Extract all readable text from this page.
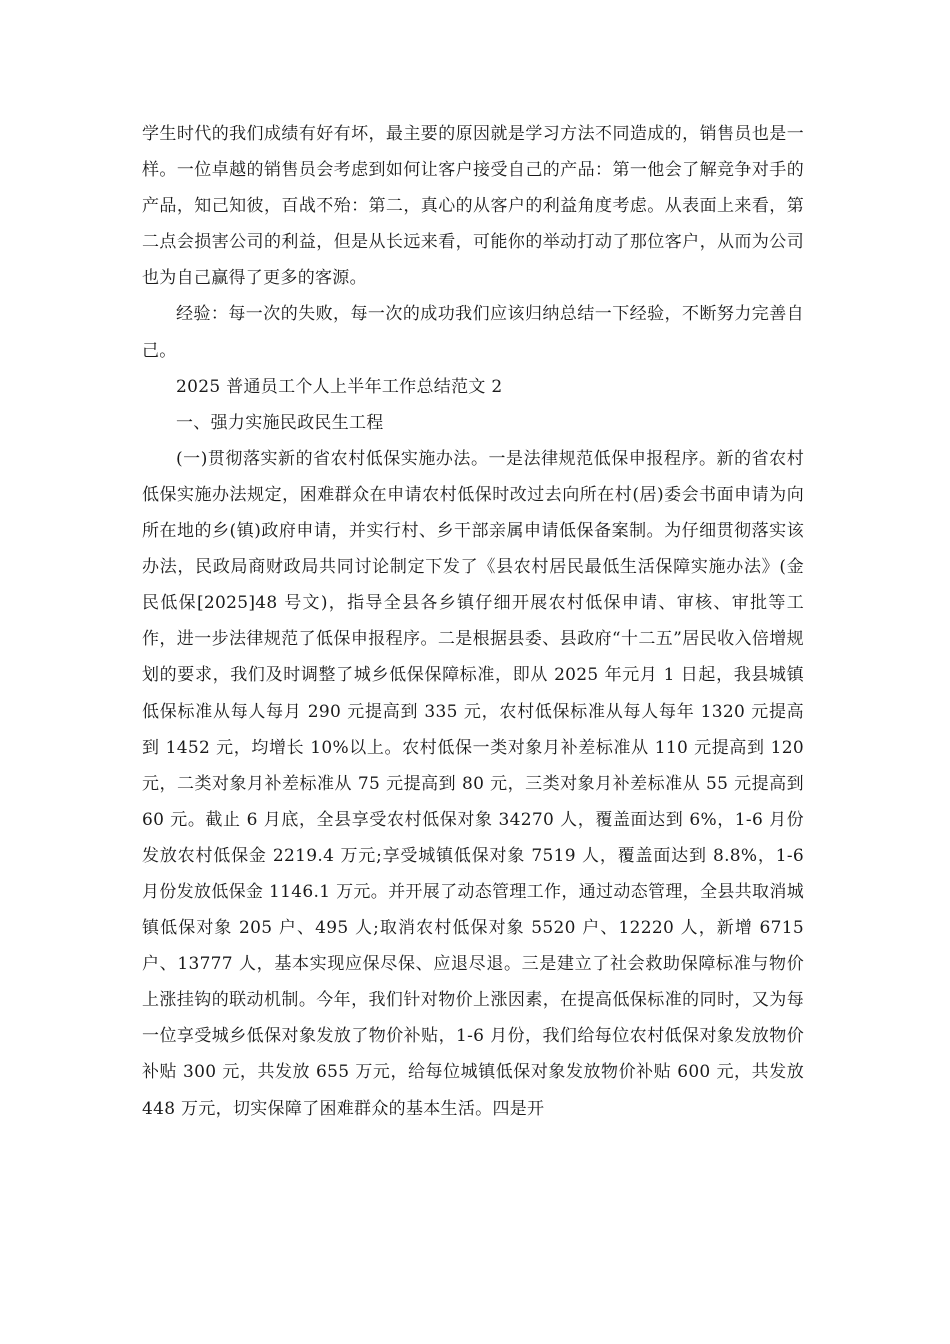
学生时代的我们成绩有好有坏，最主要的原因就是学习方法不同造成的，销售员也是一样。一位卓越的销售员会考虑到如何让客户接受自己的产品：第一他会了解竞争对手的产品，知己知彼，百战不殆：第二，真心的从客户的利益角度考虑。从表面上来看，第二点会损害公司的利益，但是从长远来看，可能你的举动打动了那位客户，从而为公司也为自己赢得了更多的客源。

经验：每一次的失败，每一次的成功我们应该归纳总结一下经验，不断努力完善自己。

2025 普通员工个人上半年工作总结范文 2

一、强力实施民政民生工程

(一)贯彻落实新的省农村低保实施办法。一是法律规范低保申报程序。新的省农村低保实施办法规定，困难群众在申请农村低保时改过去向所在村(居)委会书面申请为向所在地的乡(镇)政府申请，并实行村、乡干部亲属申请低保备案制。为仔细贯彻落实该办法，民政局商财政局共同讨论制定下发了《县农村居民最低生活保障实施办法》(金民低保[2025]48 号文)，指导全县各乡镇仔细开展农村低保申请、审核、审批等工作，进一步法律规范了低保申报程序。二是根据县委、县政府“十二五”居民收入倍增规划的要求，我们及时调整了城乡低保保障标准，即从 2025 年元月 1 日起，我县城镇低保标准从每人每月 290 元提高到 335 元，农村低保标准从每人每年 1320 元提高到 1452 元，均增长 10%以上。农村低保一类对象月补差标准从 110 元提高到 120 元，二类对象月补差标准从 75 元提高到 80 元，三类对象月补差标准从 55 元提高到 60 元。截止 6 月底，全县享受农村低保对象 34270 人，覆盖面达到 6%，1-6 月份发放农村低保金 2219.4 万元;享受城镇低保对象 7519 人，覆盖面达到 8.8%，1-6 月份发放低保金 1146.1 万元。并开展了动态管理工作，通过动态管理，全县共取消城镇低保对象 205 户、495 人;取消农村低保对象 5520 户、12220 人，新增 6715 户、13777 人，基本实现应保尽保、应退尽退。三是建立了社会救助保障标准与物价上涨挂钩的联动机制。今年，我们针对物价上涨因素，在提高低保标准的同时，又为每一位享受城乡低保对象发放了物价补贴，1-6 月份，我们给每位农村低保对象发放物价补贴 300 元，共发放 655 万元，给每位城镇低保对象发放物价补贴 600 元，共发放 448 万元，切实保障了困难群众的基本生活。四是开
